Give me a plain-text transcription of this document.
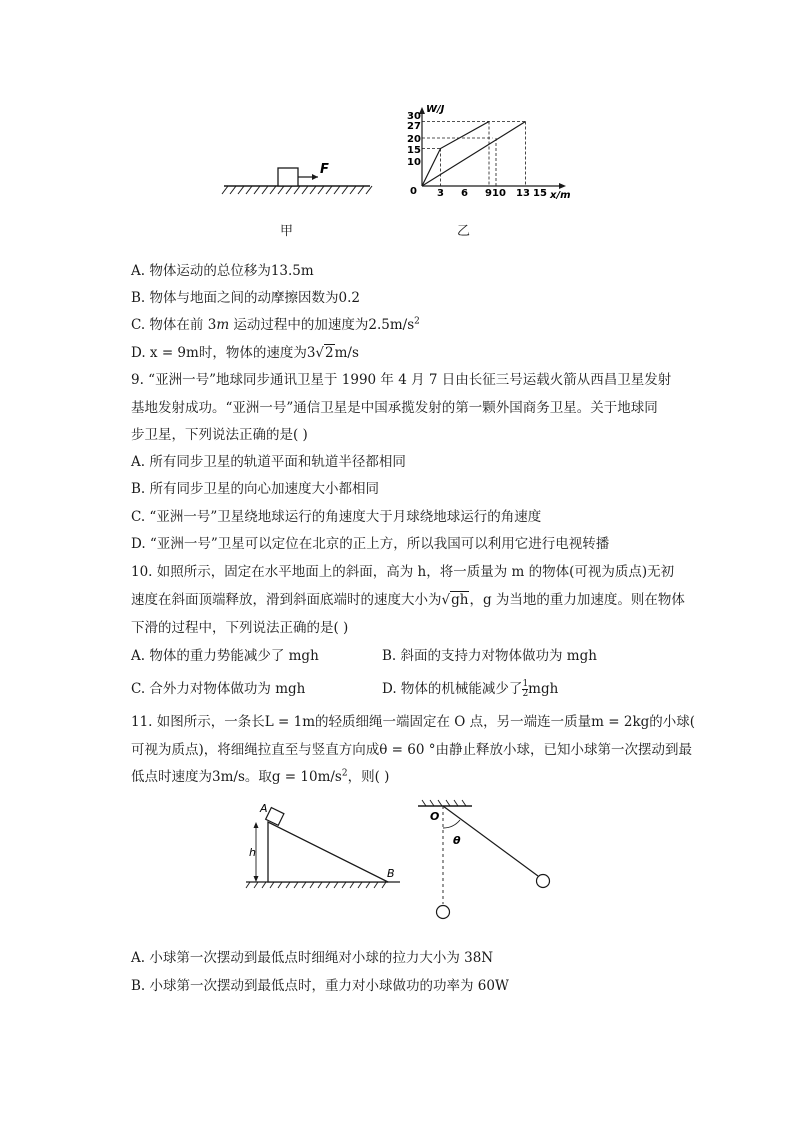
F
W/J
x/m
0
30
27
20
15
10
3 6 9 10 13 15
甲	乙
A. 物体运动的总位移为13.5m
B. 物体与地面之间的动摩擦因数为0.2
C. 物体在前 3m 运动过程中的加速度为$2.5m/s^2$
D. x = 9m时，物体的速度为3√2m/s
9. “亚洲一号”地球同步通讯卫星于 1990 年 4 月 7 日由长征三号运载火箭从西昌卫星发射
基地发射成功。“亚洲一号”通信卫星是中国承揽发射的第一颗外国商务卫星。关于地球同
步卫星，下列说法正确的是( )
A. 所有同步卫星的轨道平面和轨道半径都相同
B. 所有同步卫星的向心加速度大小都相同
C. “亚洲一号”卫星绕地球运行的角速度大于月球绕地球运行的角速度
D. “亚洲一号”卫星可以定位在北京的正上方，所以我国可以利用它进行电视转播
10. 如照所示，固定在水平地面上的斜面，高为 h，将一质量为 m 的物体(可视为质点)无初
速度在斜面顶端释放，滑到斜面底端时的速度大小为√gh，g 为当地的重力加速度。则在物体
下滑的过程中，下列说法正确的是( )
A. 物体的重力势能减少了 mgh	B. 斜面的支持力对物体做功为 mgh
C. 合外力对物体做功为 mgh	D. 物体的机械能减少了 $\frac{1}{2}$ mgh
11. 如图所示，一条长L = 1m的轻质细绳一端固定在 O 点，另一端连一质量m = 2kg的小球(
可视为质点)，将细绳拉直至与竖直方向成θ = 60 °由静止释放小球，已知小球第一次摆动到最
低点时速度为3m/s。取$g = 10m/s^2$，则( )
A
h
B
O
θ
A. 小球第一次摆动到最低点时细绳对小球的拉力大小为 38N
B. 小球第一次摆动到最低点时，重力对小球做功的功率为 60W
